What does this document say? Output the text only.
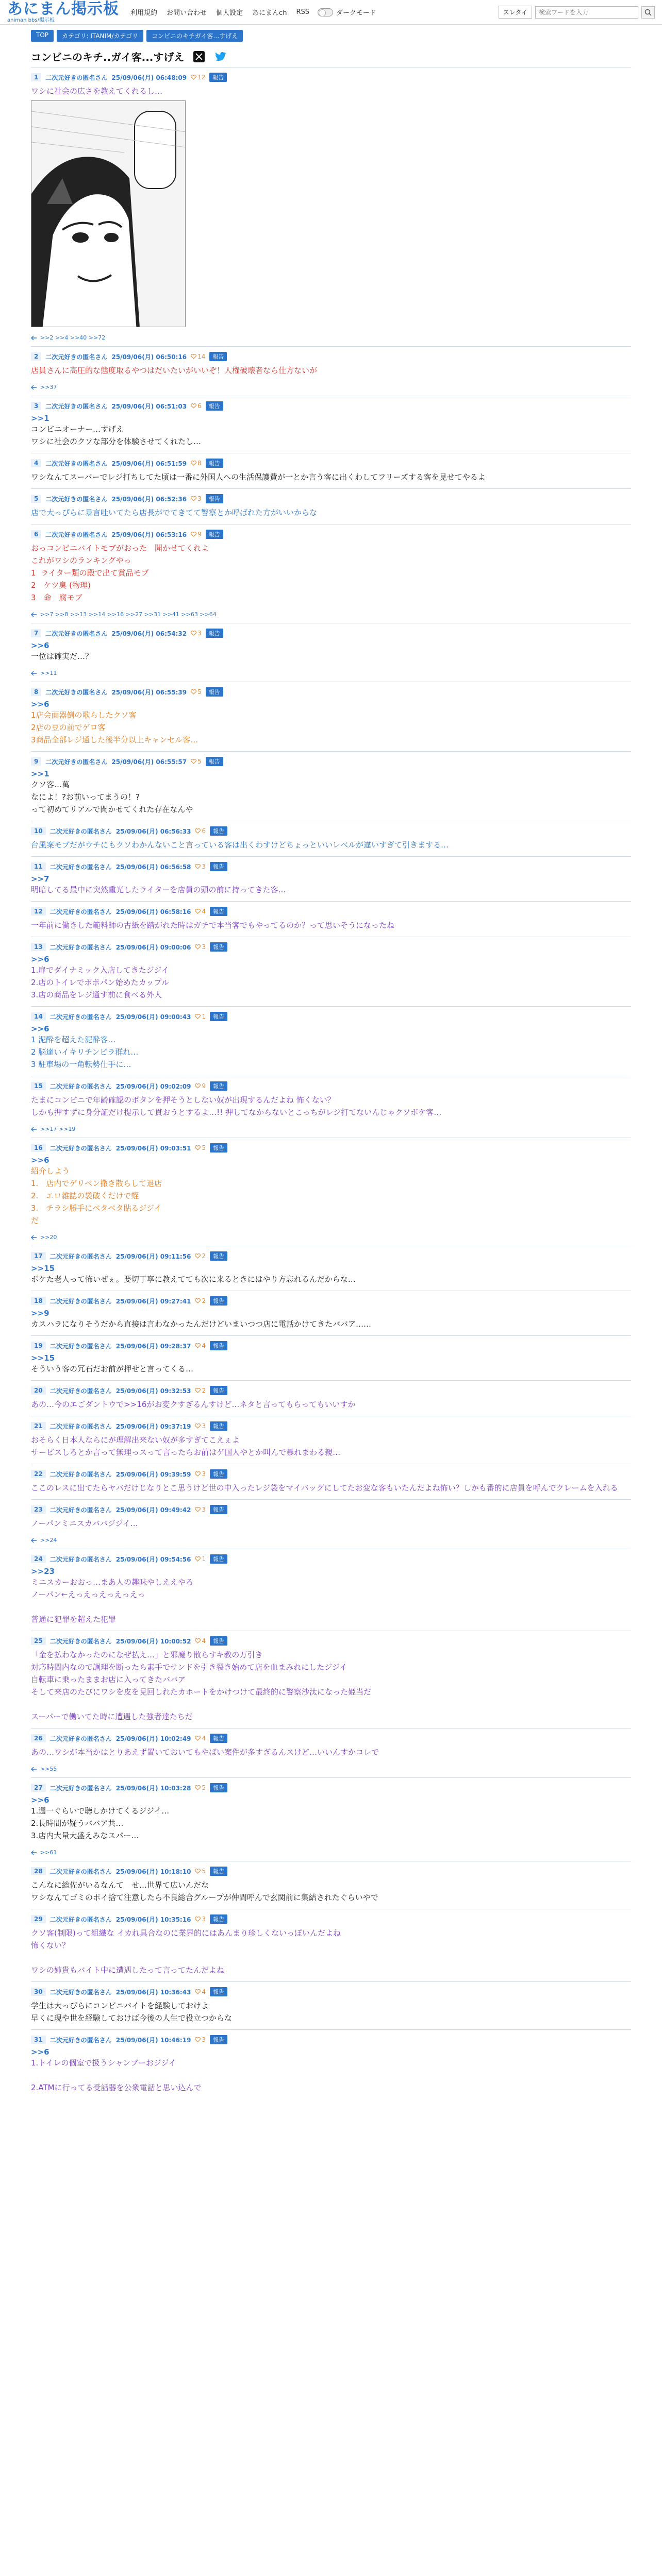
あにまん掲示板
animan bbs/掲示板
利用規約 お問い合わせ 個人設定 あにまんch RSS	ダークモード	スレタイ
検索ワードを入力
TOP	カテゴリ: ITANIM/カテゴリ	コンビニのキチガイ客…すげえ
コンビニのキチ..ガイ客...すげえ
1	二次元好きの匿名さん 25/09/06(月) 06:48:09 12	報告
ワシに社会の広さを教えてくれるし…
>>2 >>4 >>40 >>72
2	二次元好きの匿名さん 25/09/06(月) 06:50:16 14	報告
店員さんに高圧的な態度取るやつはだいたいがいいぞ！人権破壊者なら仕方ないが
>>37
3	二次元好きの匿名さん 25/09/06(月) 06:51:03 6	報告
>>1
コンビニオーナー…すげえ
ワシに社会のクソな部分を体験させてくれたし…
4	二次元好きの匿名さん 25/09/06(月) 06:51:59 8	報告
ワシなんてスーパーでレジ打ちしてた頃は一番に外国人への生活保護費が一とか言う客に出くわしてフリーズする客を見せてやるよ
5	二次元好きの匿名さん 25/09/06(月) 06:52:36 3	報告
店で大っぴらに暴言吐いてたら店長がでてきてて警察とか呼ばれた方がいいからな
6	二次元好きの匿名さん 25/09/06(月) 06:53:16 9	報告
おっコンビニバイトモブがおった　聞かせてくれよ
これがワシのランキングやっ
1  ライター類の殿で出て賞品モブ
2　ケツ臭 (物理)
3　命　腐モブ
>>7 >>8 >>13 >>14 >>16 >>27 >>31 >>41 >>63 >>64
7	二次元好きの匿名さん 25/09/06(月) 06:54:32 3	報告
>>6
一位は確実だ…？
>>11
8	二次元好きの匿名さん 25/09/06(月) 06:55:39 5	報告
>>6
1店会面器倒の歌らしたクソ客
2店の豆の前でゲロ客
3商品全部レジ通した後半分以上キャンセル客…
9	二次元好きの匿名さん 25/09/06(月) 06:55:57 5	報告
>>1
クソ客…萬
なによ！?お前いってまうの！?
って初めてリアルで聞かせてくれた存在なんや
10	二次元好きの匿名さん 25/09/06(月) 06:56:33 6	報告
台風案モブだがウチにもクソわかんないこと言っている客は出くわすけどちょっといいレベルが違いすぎて引きまする…
11	二次元好きの匿名さん 25/09/06(月) 06:56:58 3	報告
>>7
明暗してる最中に突然重光したライターを店員の頭の前に持ってきた客…
12	二次元好きの匿名さん 25/09/06(月) 06:58:16 4	報告
一年前に働きした範料師の古紙を踏がれた時はガチで本当客でもやってるのか？って思いそうになったね
13	二次元好きの匿名さん 25/09/06(月) 09:00:06 3	報告
>>6
1.扉でダイナミック入店してきたジジイ
2.店のトイレでポポパン始めたカップル
3.店の商品をレジ通す前に食べる外人
14	二次元好きの匿名さん 25/09/06(月) 09:00:43 1	報告
>>6
1 泥酔を超えた泥酔客…
2 脳達いイキリチンピラ群れ…
3 駐車場の一角転勢仕手に…
15	二次元好きの匿名さん 25/09/06(月) 09:02:09 9	報告
たまにコンビニで年齢確認のボタンを押そうとしない奴が出現するんだよね 怖くない？
しかも押すずに身分証だけ提示して貫おうとするよ…!! 押してなからないとこっちがレジ打てないんじゃクソボケ客…
>>17 >>19
16	二次元好きの匿名さん 25/09/06(月) 09:03:51 5	報告
>>6
紹介しよう
1.　店内でゲリベン撒き散らして退店
2.　エロ雑誌の袋破くだけで蛭
3.　チラシ勝手にベタベタ貼るジジイ
だ
>>20
17	二次元好きの匿名さん 25/09/06(月) 09:11:56 2	報告
>>15
ボケた老人って怖いぜぇ。要切丁寧に教えてても次に来るときにはやり方忘れるんだからな…
18	二次元好きの匿名さん 25/09/06(月) 09:27:41 2	報告
>>9
カスハラになりそうだから直接は言わなかったんだけどいまいつつ店に電話かけてきたババア……
19	二次元好きの匿名さん 25/09/06(月) 09:28:37 4	報告
>>15
そういう客の冗石だお前が押せと言ってくる…
20	二次元好きの匿名さん 25/09/06(月) 09:32:53 2	報告
あの…今のエごダントウで>>16がお変クすぎるんすけど…ネタと言ってもらってもいいすか
21	二次元好きの匿名さん 25/09/06(月) 09:37:19 3	報告
おそらく日本人ならにが理解出来ない奴が多すぎてこえぇよ
サービスしろとか言って無理っスって言ったらお前はゲ国人やとか叫んで暴れまわる親…
22	二次元好きの匿名さん 25/09/06(月) 09:39:59 3	報告
ここのレスに出てたらヤバだけじなりとこ思うけど世の中入ったレジ袋をマイバッグにしてたお変な客もいたんだよね怖い？しかも番的に店員を呼んでクレームを入れる
23	二次元好きの匿名さん 25/09/06(月) 09:49:42 3	報告
ノーパンミニスカババジジイ…
>>24
24	二次元好きの匿名さん 25/09/06(月) 09:54:56 1	報告
>>23
ミニスカーおおっ…まあ人の趣味やしええやろ
ノーパン←えっえっえっえっえっ

普通に犯罪を超えた犯罪
25	二次元好きの匿名さん 25/09/06(月) 10:00:52 4	報告
「金を払わなかったのになぜ払え…」と邪魔り散らすキ教の万引き
対応時間内なので調理を断ったら素手でサンドを引き裂き始めて店を血まみれにしたジジイ
自転車に乗ったままお店に入ってきたババア
そして来店のたびにワシを皮を見回しれたカホートをかけつけて最終的に警察沙汰になった姫当だ

スーパーで働いてた時に遭遇した強者達たちだ
26	二次元好きの匿名さん 25/09/06(月) 10:02:49 4	報告
あの…ワシが本当かはとりあえず置いておいてもやばい案件が多すぎるんスけど…いいんすかコレで
>>55
27	二次元好きの匿名さん 25/09/06(月) 10:03:28 5	報告
>>6
1.週一ぐらいで聴しかけてくるジジイ…
2.長時間が疑うババア共…
3.店内大量大盛えみなスパー…
>>61
28	二次元好きの匿名さん 25/09/06(月) 10:18:10 5	報告
こんなに総佐がいるなんて　せ…世界て広いんだな
ワシなんてゴミのポイ捨て注意したら不良総合グループが仲間呼んで玄関前に集結されたぐらいやで
29	二次元好きの匿名さん 25/09/06(月) 10:35:16 3	報告
クソ客(制限)って組織な イカれ具合なのに業界的にはあんまり珍しくないっぽいんだよね
怖くない？

ワシの姉貴もバイト中に遭遇したって言ってたんだよね
30	二次元好きの匿名さん 25/09/06(月) 10:36:43 4	報告
学生は大っぴらにコンビニバイトを経験しておけよ
早くに現や世を経験しておけば今後の人生で役立つからな
31	二次元好きの匿名さん 25/09/06(月) 10:46:19 3	報告
>>6
1.トイレの個室で扱うシャンプーおジジイ

2.ATMに行ってる受話器を公衆電話と思い込んで
